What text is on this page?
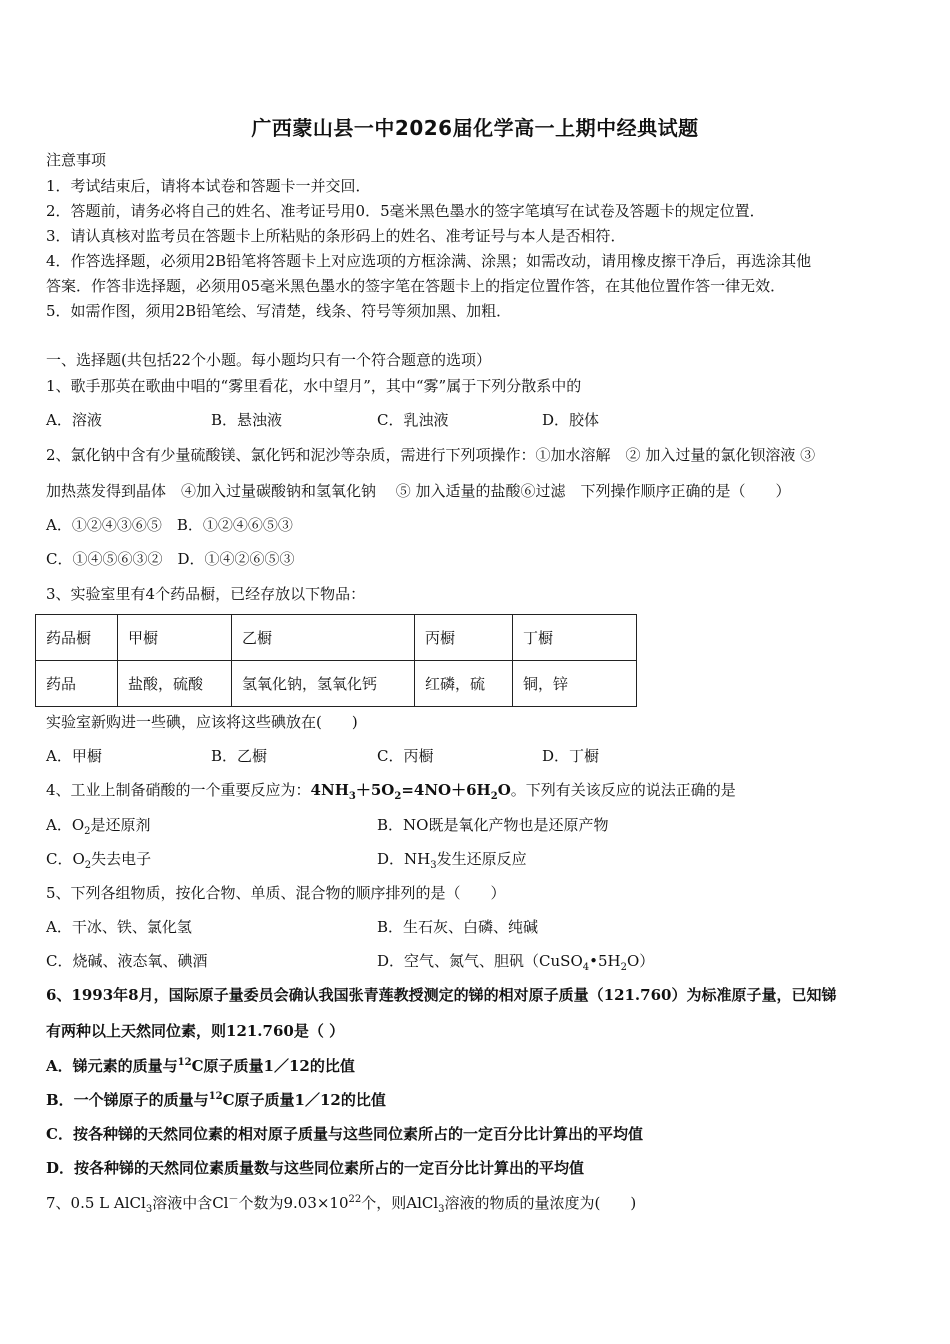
广西蒙山县一中2026届化学高一上期中经典试题
注意事项
1．考试结束后，请将本试卷和答题卡一并交回．
2．答题前，请务必将自己的姓名、准考证号用0．5毫米黑色墨水的签字笔填写在试卷及答题卡的规定位置．
3．请认真核对监考员在答题卡上所粘贴的条形码上的姓名、准考证号与本人是否相符．
4．作答选择题，必须用2B铅笔将答题卡上对应选项的方框涂满、涂黑；如需改动，请用橡皮擦干净后，再选涂其他
答案．作答非选择题，必须用05毫米黑色墨水的签字笔在答题卡上的指定位置作答，在其他位置作答一律无效．
5．如需作图，须用2B铅笔绘、写清楚，线条、符号等须加黑、加粗．
一、选择题(共包括22个小题。每小题均只有一个符合题意的选项）
1、歌手那英在歌曲中唱的“雾里看花，水中望月”，其中“雾”属于下列分散系中的
A．溶液	B．悬浊液	C．乳浊液	D．胶体
2、氯化钠中含有少量硫酸镁、氯化钙和泥沙等杂质，需进行下列项操作：①加水溶解　② 加入过量的氯化钡溶液 ③
加热蒸发得到晶体　④加入过量碳酸钠和氢氧化钠　 ⑤ 加入适量的盐酸⑥过滤　下列操作顺序正确的是（　　）
A．①②④③⑥⑤　B．①②④⑥⑤③
C．①④⑤⑥③②　D．①④②⑥⑤③
3、实验室里有4个药品橱，已经存放以下物品：
药品橱	甲橱	乙橱	丙橱	丁橱
药品	盐酸，硫酸	氢氧化钠，氢氧化钙	红磷，硫	铜，锌
实验室新购进一些碘，应该将这些碘放在(　　)
A．甲橱	B．乙橱	C．丙橱	D．丁橱
4、工业上制备硝酸的一个重要反应为：$4NH_3+5O_2=4NO+6H_2O$。下列有关该反应的说法正确的是
A．$O_2$是还原剂	B．NO既是氧化产物也是还原产物
C．$O_2$失去电子	D．$NH_3$发生还原反应
5、下列各组物质，按化合物、单质、混合物的顺序排列的是（　　）
A．干冰、铁、氯化氢	B．生石灰、白磷、纯碱
C．烧碱、液态氧、碘酒	D．空气、氮气、胆矾$(CuSO_4•5H_2O)$
6、1993年8月，国际原子量委员会确认我国张青莲教授测定的锑的相对原子质量（121.760）为标准原子量，已知锑
有两种以上天然同位素，则121.760是（ ）
A．锑元素的质量与$^{12}$C原子质量1／12的比值
B．一个锑原子的质量与$^{12}$C原子质量1／12的比值
C．按各种锑的天然同位素的相对原子质量与这些同位素所占的一定百分比计算出的平均值
D．按各种锑的天然同位素质量数与这些同位素所占的一定百分比计算出的平均值
7、0.5 L AlCl$_3$溶液中含Cl－个数为$9.03\times 10^{22}$个，则AlCl$_3$溶液的物质的量浓度为(　　)
